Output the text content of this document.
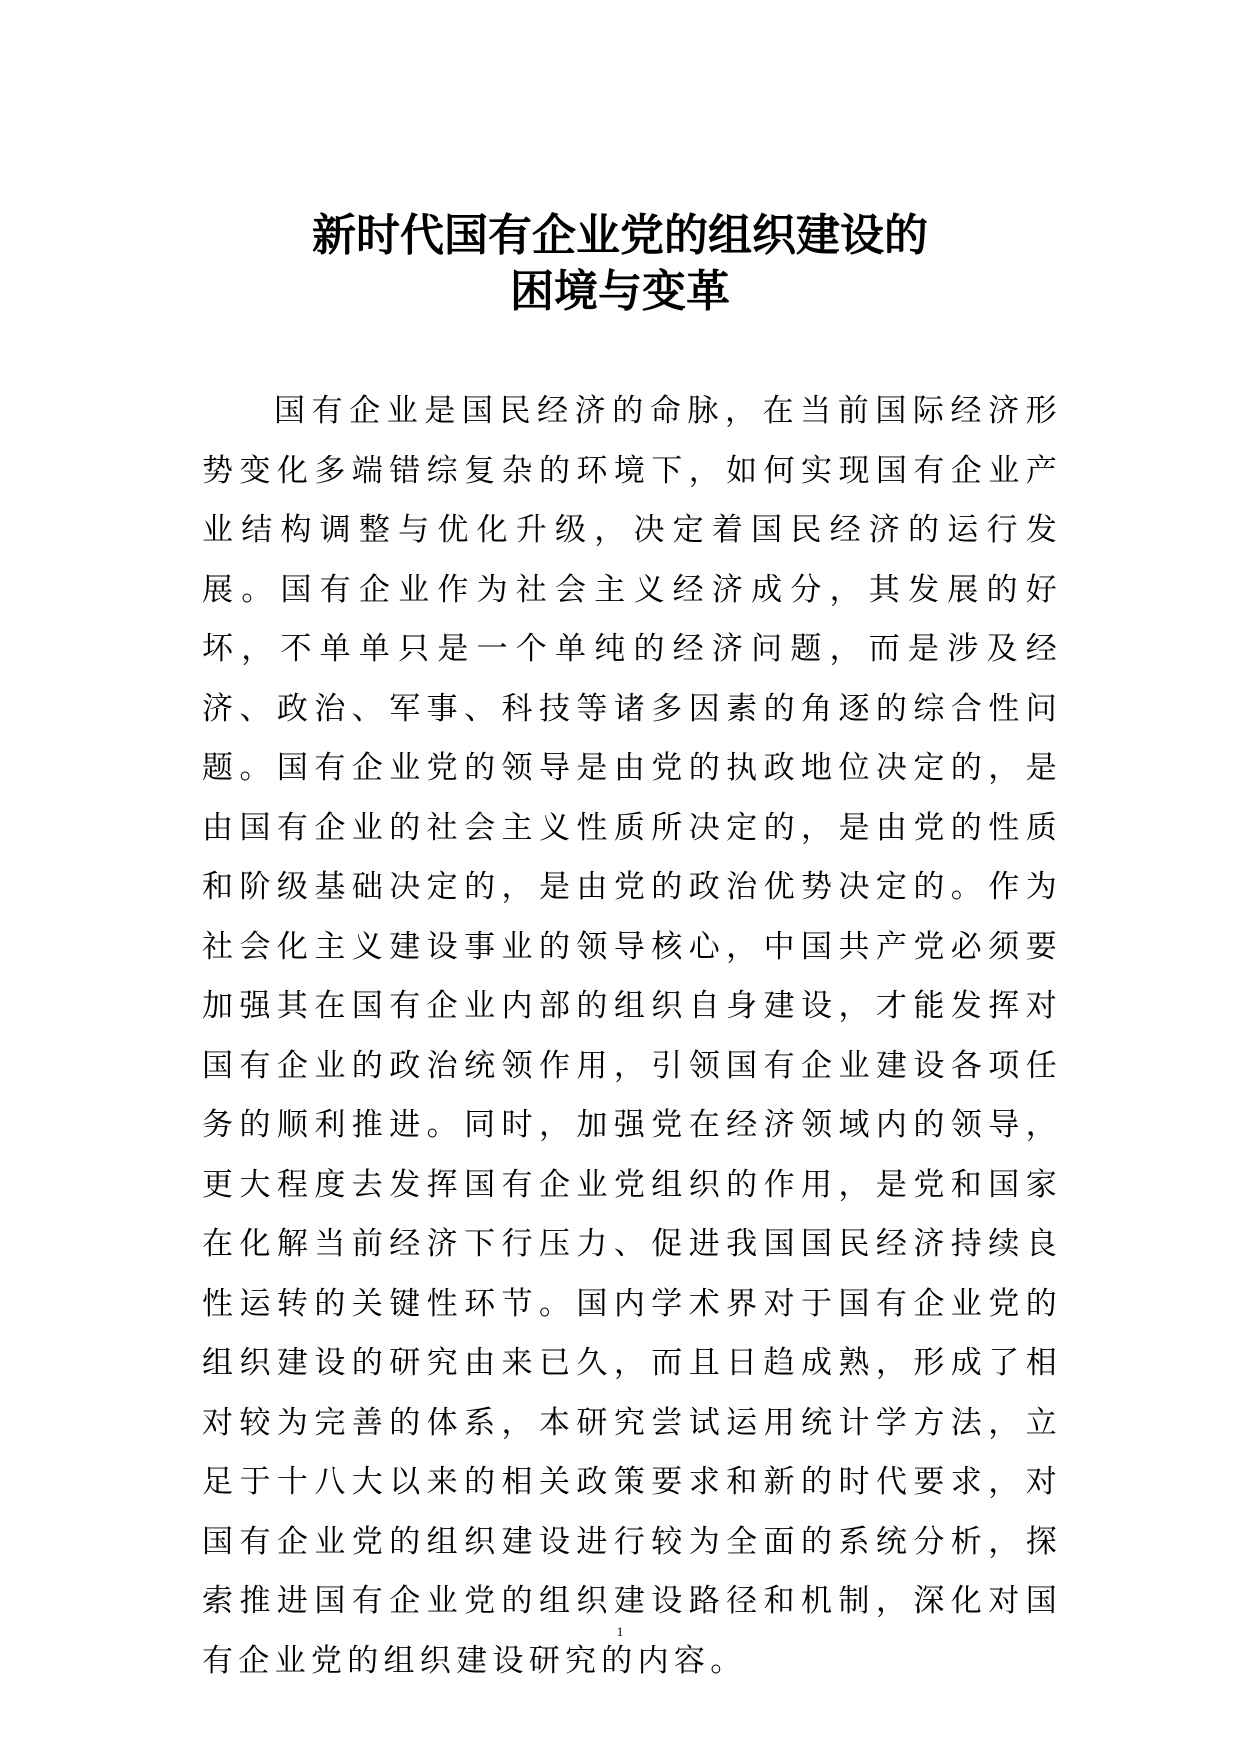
新时代国有企业党的组织建设的
困境与变革

国有企业是国民经济的命脉，在当前国际经济形势变化多端错综复杂的环境下，如何实现国有企业产业结构调整与优化升级，决定着国民经济的运行发展。国有企业作为社会主义经济成分，其发展的好坏，不单单只是一个单纯的经济问题，而是涉及经济、政治、军事、科技等诸多因素的角逐的综合性问题。国有企业党的领导是由党的执政地位决定的，是由国有企业的社会主义性质所决定的，是由党的性质和阶级基础决定的，是由党的政治优势决定的。作为社会化主义建设事业的领导核心，中国共产党必须要加强其在国有企业内部的组织自身建设，才能发挥对国有企业的政治统领作用，引领国有企业建设各项任务的顺利推进。同时，加强党在经济领域内的领导，更大程度去发挥国有企业党组织的作用，是党和国家在化解当前经济下行压力、促进我国国民经济持续良性运转的关键性环节。国内学术界对于国有企业党的组织建设的研究由来已久，而且日趋成熟，形成了相对较为完善的体系，本研究尝试运用统计学方法，立足于十八大以来的相关政策要求和新的时代要求，对国有企业党的组织建设进行较为全面的系统分析，探索推进国有企业党的组织建设路径和机制，深化对国有企业党的组织建设研究的内容。

1
